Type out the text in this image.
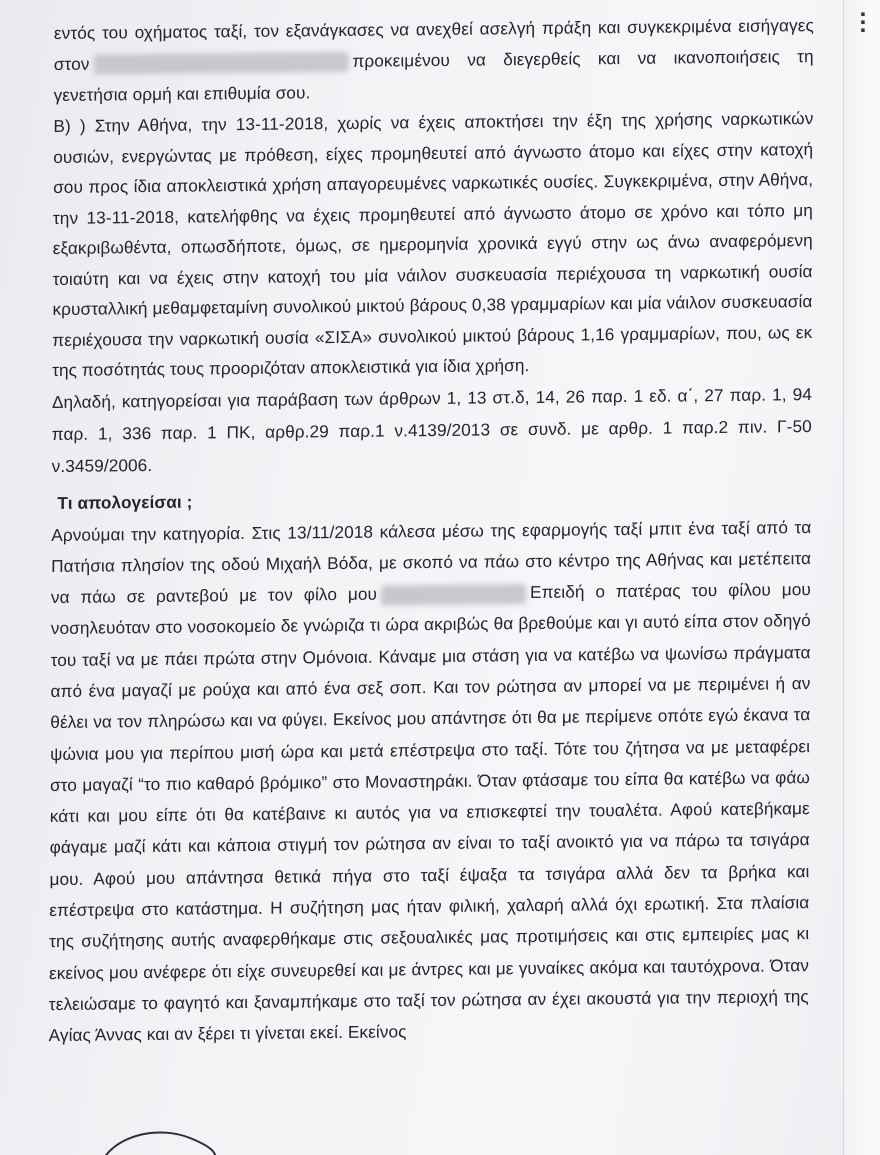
▪
▪
▪

εντός του οχήματος ταξί, τον εξανάγκασες να ανεχθεί ασελγή πράξη και συγκεκριμένα εισήγαγες στον	προκειμένου να διεγερθείς και να ικανοποιήσεις τη γενετήσια ορμή και επιθυμία σου.

Β) ) Στην Αθήνα, την 13-11-2018, χωρίς να έχεις αποκτήσει την έξη της χρήσης ναρκωτικών ουσιών, ενεργώντας με πρόθεση, είχες προμηθευτεί από άγνωστο άτομο και είχες στην κατοχή σου προς ίδια αποκλειστικά χρήση απαγορευμένες ναρκωτικές ουσίες. Συγκεκριμένα, στην Αθήνα, την 13-11-2018, κατελήφθης να έχεις προμηθευτεί από άγνωστο άτομο σε χρόνο και τόπο μη εξακριβωθέντα, οπωσδήποτε, όμως, σε ημερομηνία χρονικά εγγύ στην ως άνω αναφερόμενη τοιαύτη και να έχεις στην κατοχή του μία νάιλον συσκευασία περιέχουσα τη ναρκωτική ουσία κρυσταλλική μεθαμφεταμίνη συνολικού μικτού βάρους 0,38 γραμμαρίων και μία νάιλον συσκευασία περιέχουσα την ναρκωτική ουσία «ΣΙΣΑ» συνολικού μικτού βάρους 1,16 γραμμαρίων, που, ως εκ της ποσότητάς τους προοριζόταν αποκλειστικά για ίδια χρήση.

Δηλαδή, κατηγορείσαι για παράβαση των άρθρων 1, 13 στ.δ, 14, 26 παρ. 1 εδ. α΄, 27 παρ. 1, 94 παρ. 1, 336 παρ. 1 ΠΚ, αρθρ.29 παρ.1 ν.4139/2013 σε συνδ. με αρθρ. 1 παρ.2 πιν. Γ-50 ν.3459/2006.

Τι απολογείσαι ;

Αρνούμαι την κατηγορία. Στις 13/11/2018 κάλεσα μέσω της εφαρμογής ταξί μπιτ ένα ταξί από τα Πατήσια πλησίον της οδού Μιχαήλ Βόδα, με σκοπό να πάω στο κέντρο της Αθήνας και μετέπειτα να πάω σε ραντεβού με τον φίλο μου	Επειδή ο πατέρας του φίλου μου νοσηλευόταν στο νοσοκομείο δε γνώριζα τι ώρα ακριβώς θα βρεθούμε και γι αυτό είπα στον οδηγό του ταξί να με πάει πρώτα στην Ομόνοια. Κάναμε μια στάση για να κατέβω να ψωνίσω πράγματα από ένα μαγαζί με ρούχα και από ένα σεξ σοπ. Και τον ρώτησα αν μπορεί να με περιμένει ή αν θέλει να τον πληρώσω και να φύγει. Εκείνος μου απάντησε ότι θα με περίμενε οπότε εγώ έκανα τα ψώνια μου για περίπου μισή ώρα και μετά επέστρεψα στο ταξί. Τότε του ζήτησα να με μεταφέρει στο μαγαζί “το πιο καθαρό βρόμικο” στο Μοναστηράκι. Όταν φτάσαμε του είπα θα κατέβω να φάω κάτι και μου είπε ότι θα κατέβαινε κι αυτός για να επισκεφτεί την τουαλέτα. Αφού κατεβήκαμε φάγαμε μαζί κάτι και κάποια στιγμή τον ρώτησα αν είναι το ταξί ανοικτό για να πάρω τα τσιγάρα μου. Αφού μου απάντησα θετικά πήγα στο ταξί έψαξα τα τσιγάρα αλλά δεν τα βρήκα και επέστρεψα στο κατάστημα. Η συζήτηση μας ήταν φιλική, χαλαρή αλλά όχι ερωτική. Στα πλαίσια της συζήτησης αυτής αναφερθήκαμε στις σεξουαλικές μας προτιμήσεις και στις εμπειρίες μας κι εκείνος μου ανέφερε ότι είχε συνευρεθεί και με άντρες και με γυναίκες ακόμα και ταυτόχρονα. Όταν τελειώσαμε το φαγητό και ξαναμπήκαμε στο ταξί τον ρώτησα αν έχει ακουστά για την περιοχή της Αγίας Άννας και αν ξέρει τι γίνεται εκεί. Εκείνος
